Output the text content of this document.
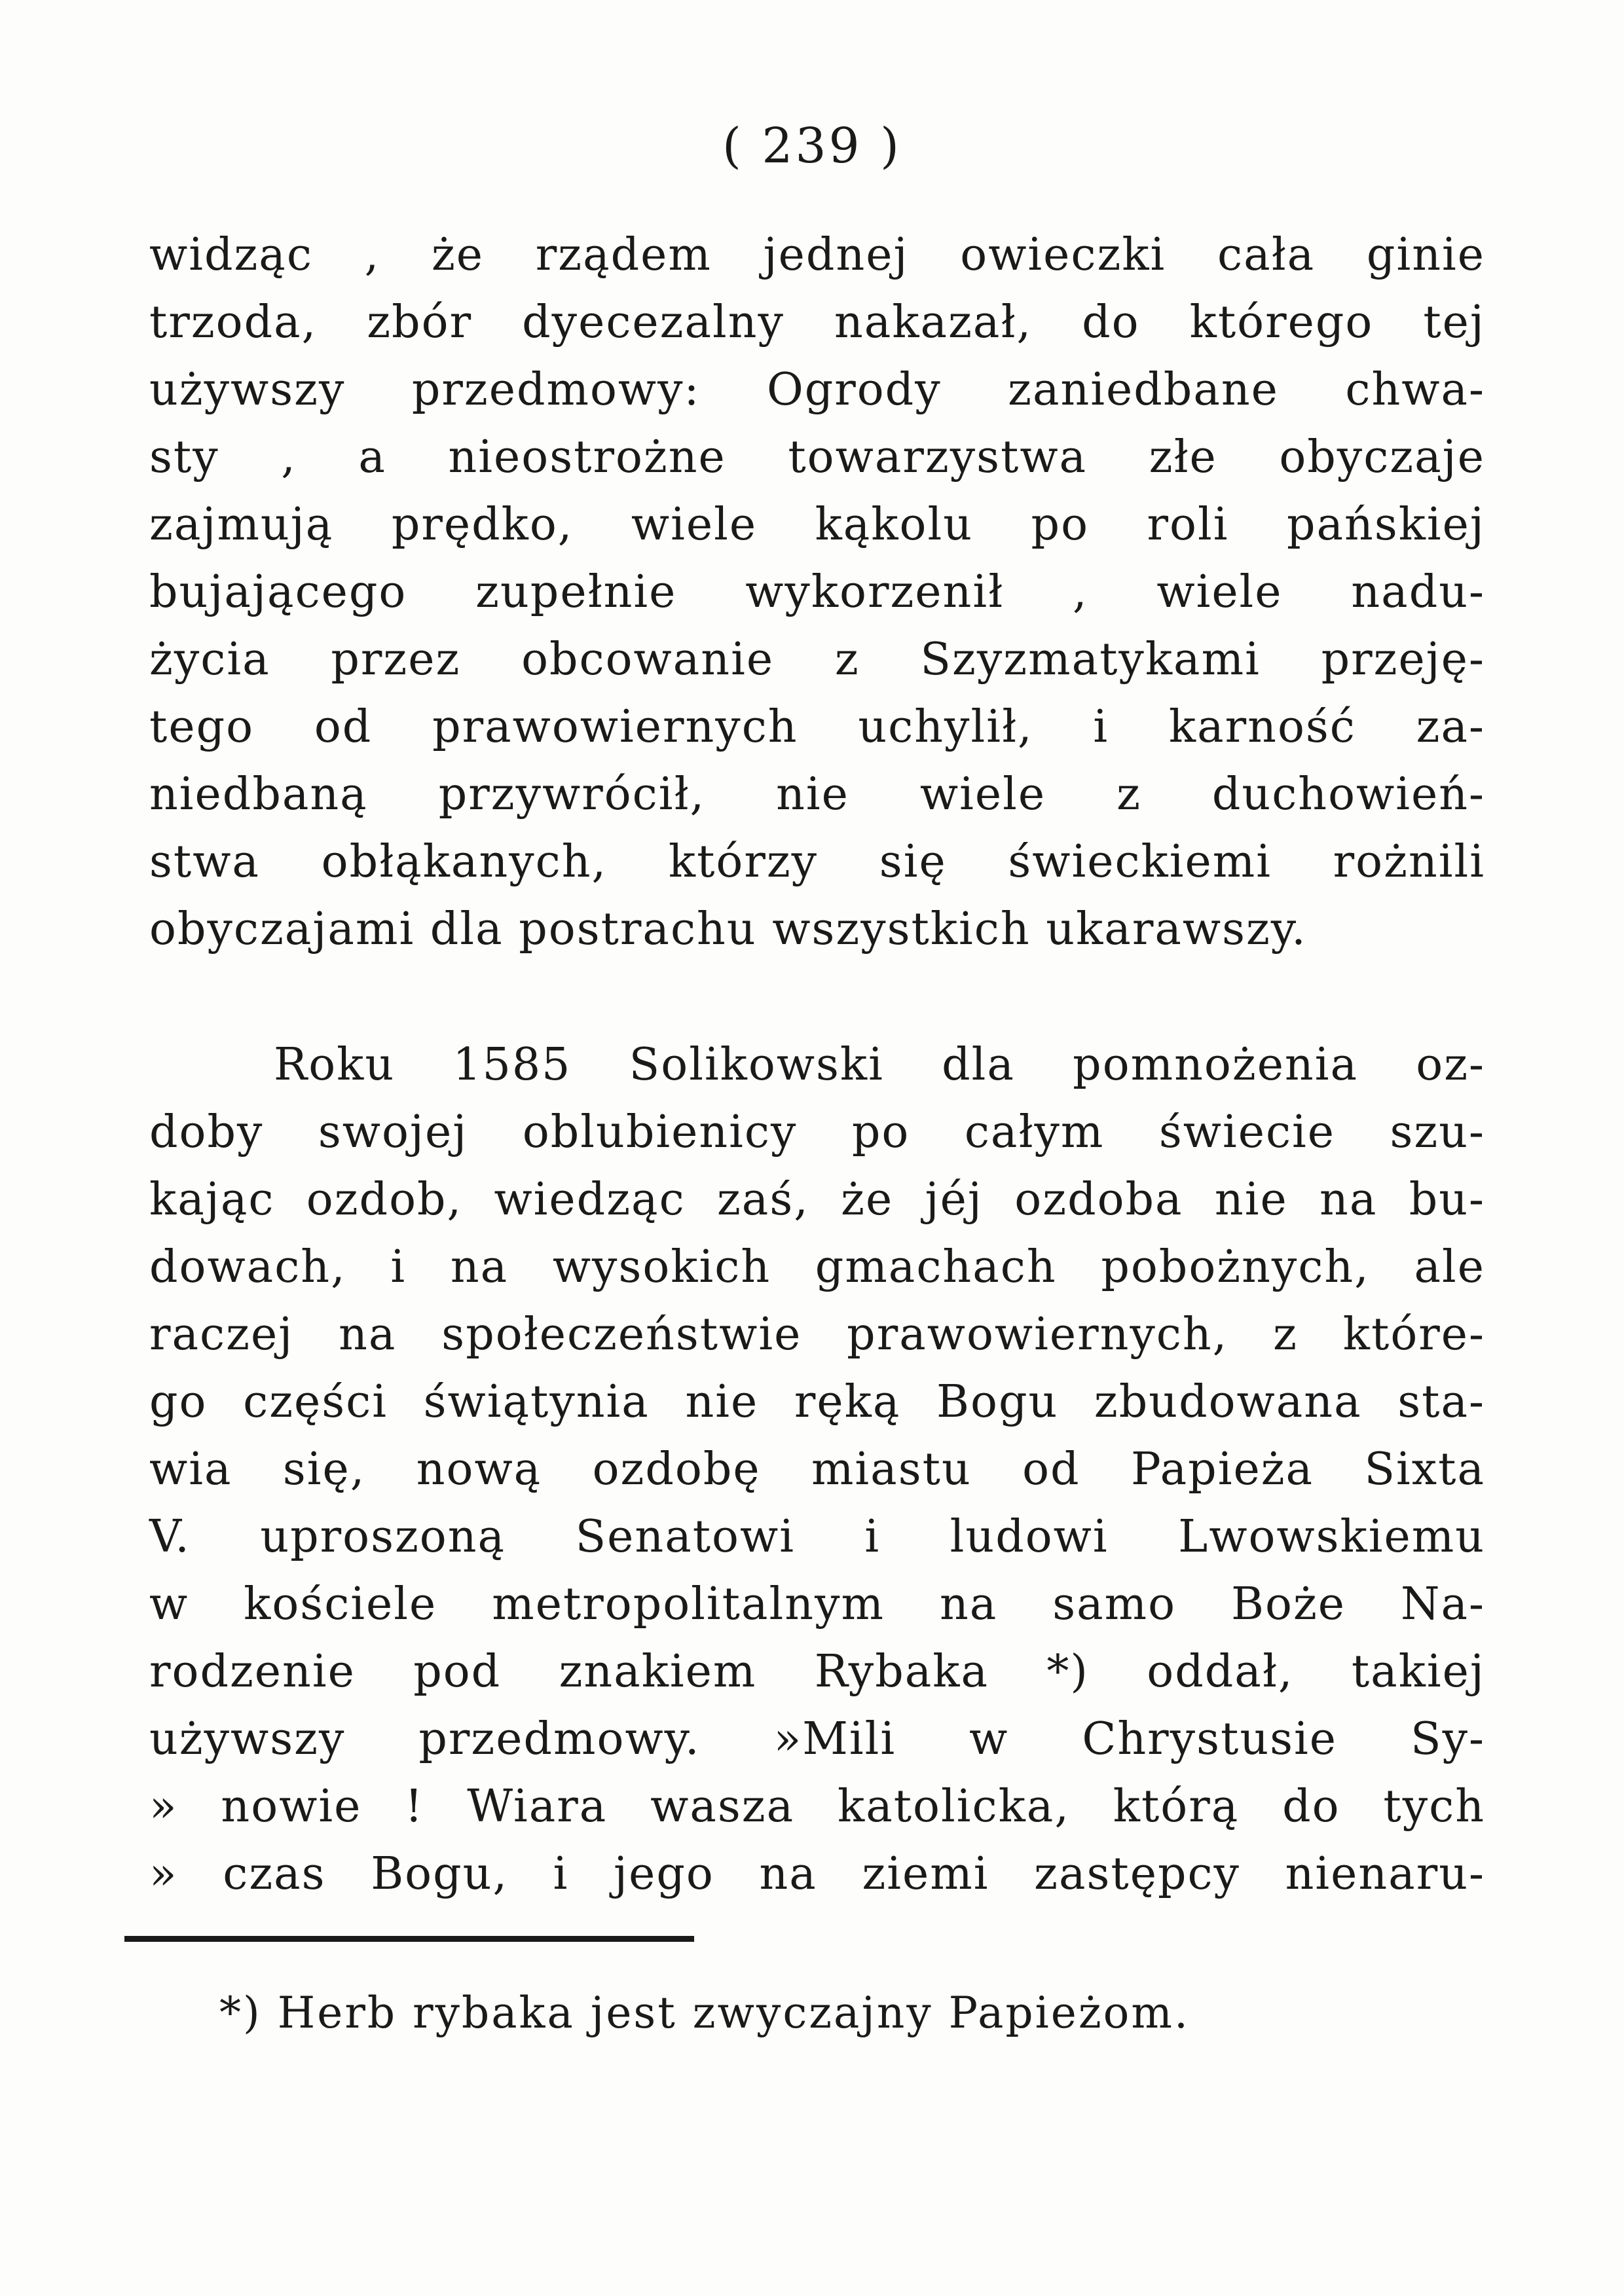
( 239 )
widząc , że rządem jednej owieczki cała ginie
trzoda, zbór dyecezalny nakazał, do którego tej
używszy przedmowy: Ogrody zaniedbane chwa-
sty , a nieostrożne towarzystwa złe obyczaje
zajmują prędko, wiele kąkolu po roli pańskiej
bujającego zupełnie wykorzenił , wiele nadu-
życia przez obcowanie z Szyzmatykami przeję-
tego od prawowiernych uchylił, i karność za-
niedbaną przywrócił, nie wiele z duchowień-
stwa obłąkanych, którzy się świeckiemi rożnili
obyczajami dla postrachu wszystkich ukarawszy.
Roku 1585 Solikowski dla pomnożenia oz-
doby swojej oblubienicy po całym świecie szu-
kając ozdob, wiedząc zaś, że jéj ozdoba nie na bu-
dowach, i na wysokich gmachach pobożnych, ale
raczej na społeczeństwie prawowiernych, z które-
go części świątynia nie ręką Bogu zbudowana sta-
wia się, nową ozdobę miastu od Papieża Sixta
V. uproszoną Senatowi i ludowi Lwowskiemu
w kościele metropolitalnym na samo Boże Na-
rodzenie pod znakiem Rybaka *) oddał, takiej
używszy przedmowy. »Mili w Chrystusie Sy-
» nowie ! Wiara wasza katolicka, którą do tych
» czas Bogu, i jego na ziemi zastępcy nienaru-
*) Herb rybaka jest zwyczajny Papieżom.
